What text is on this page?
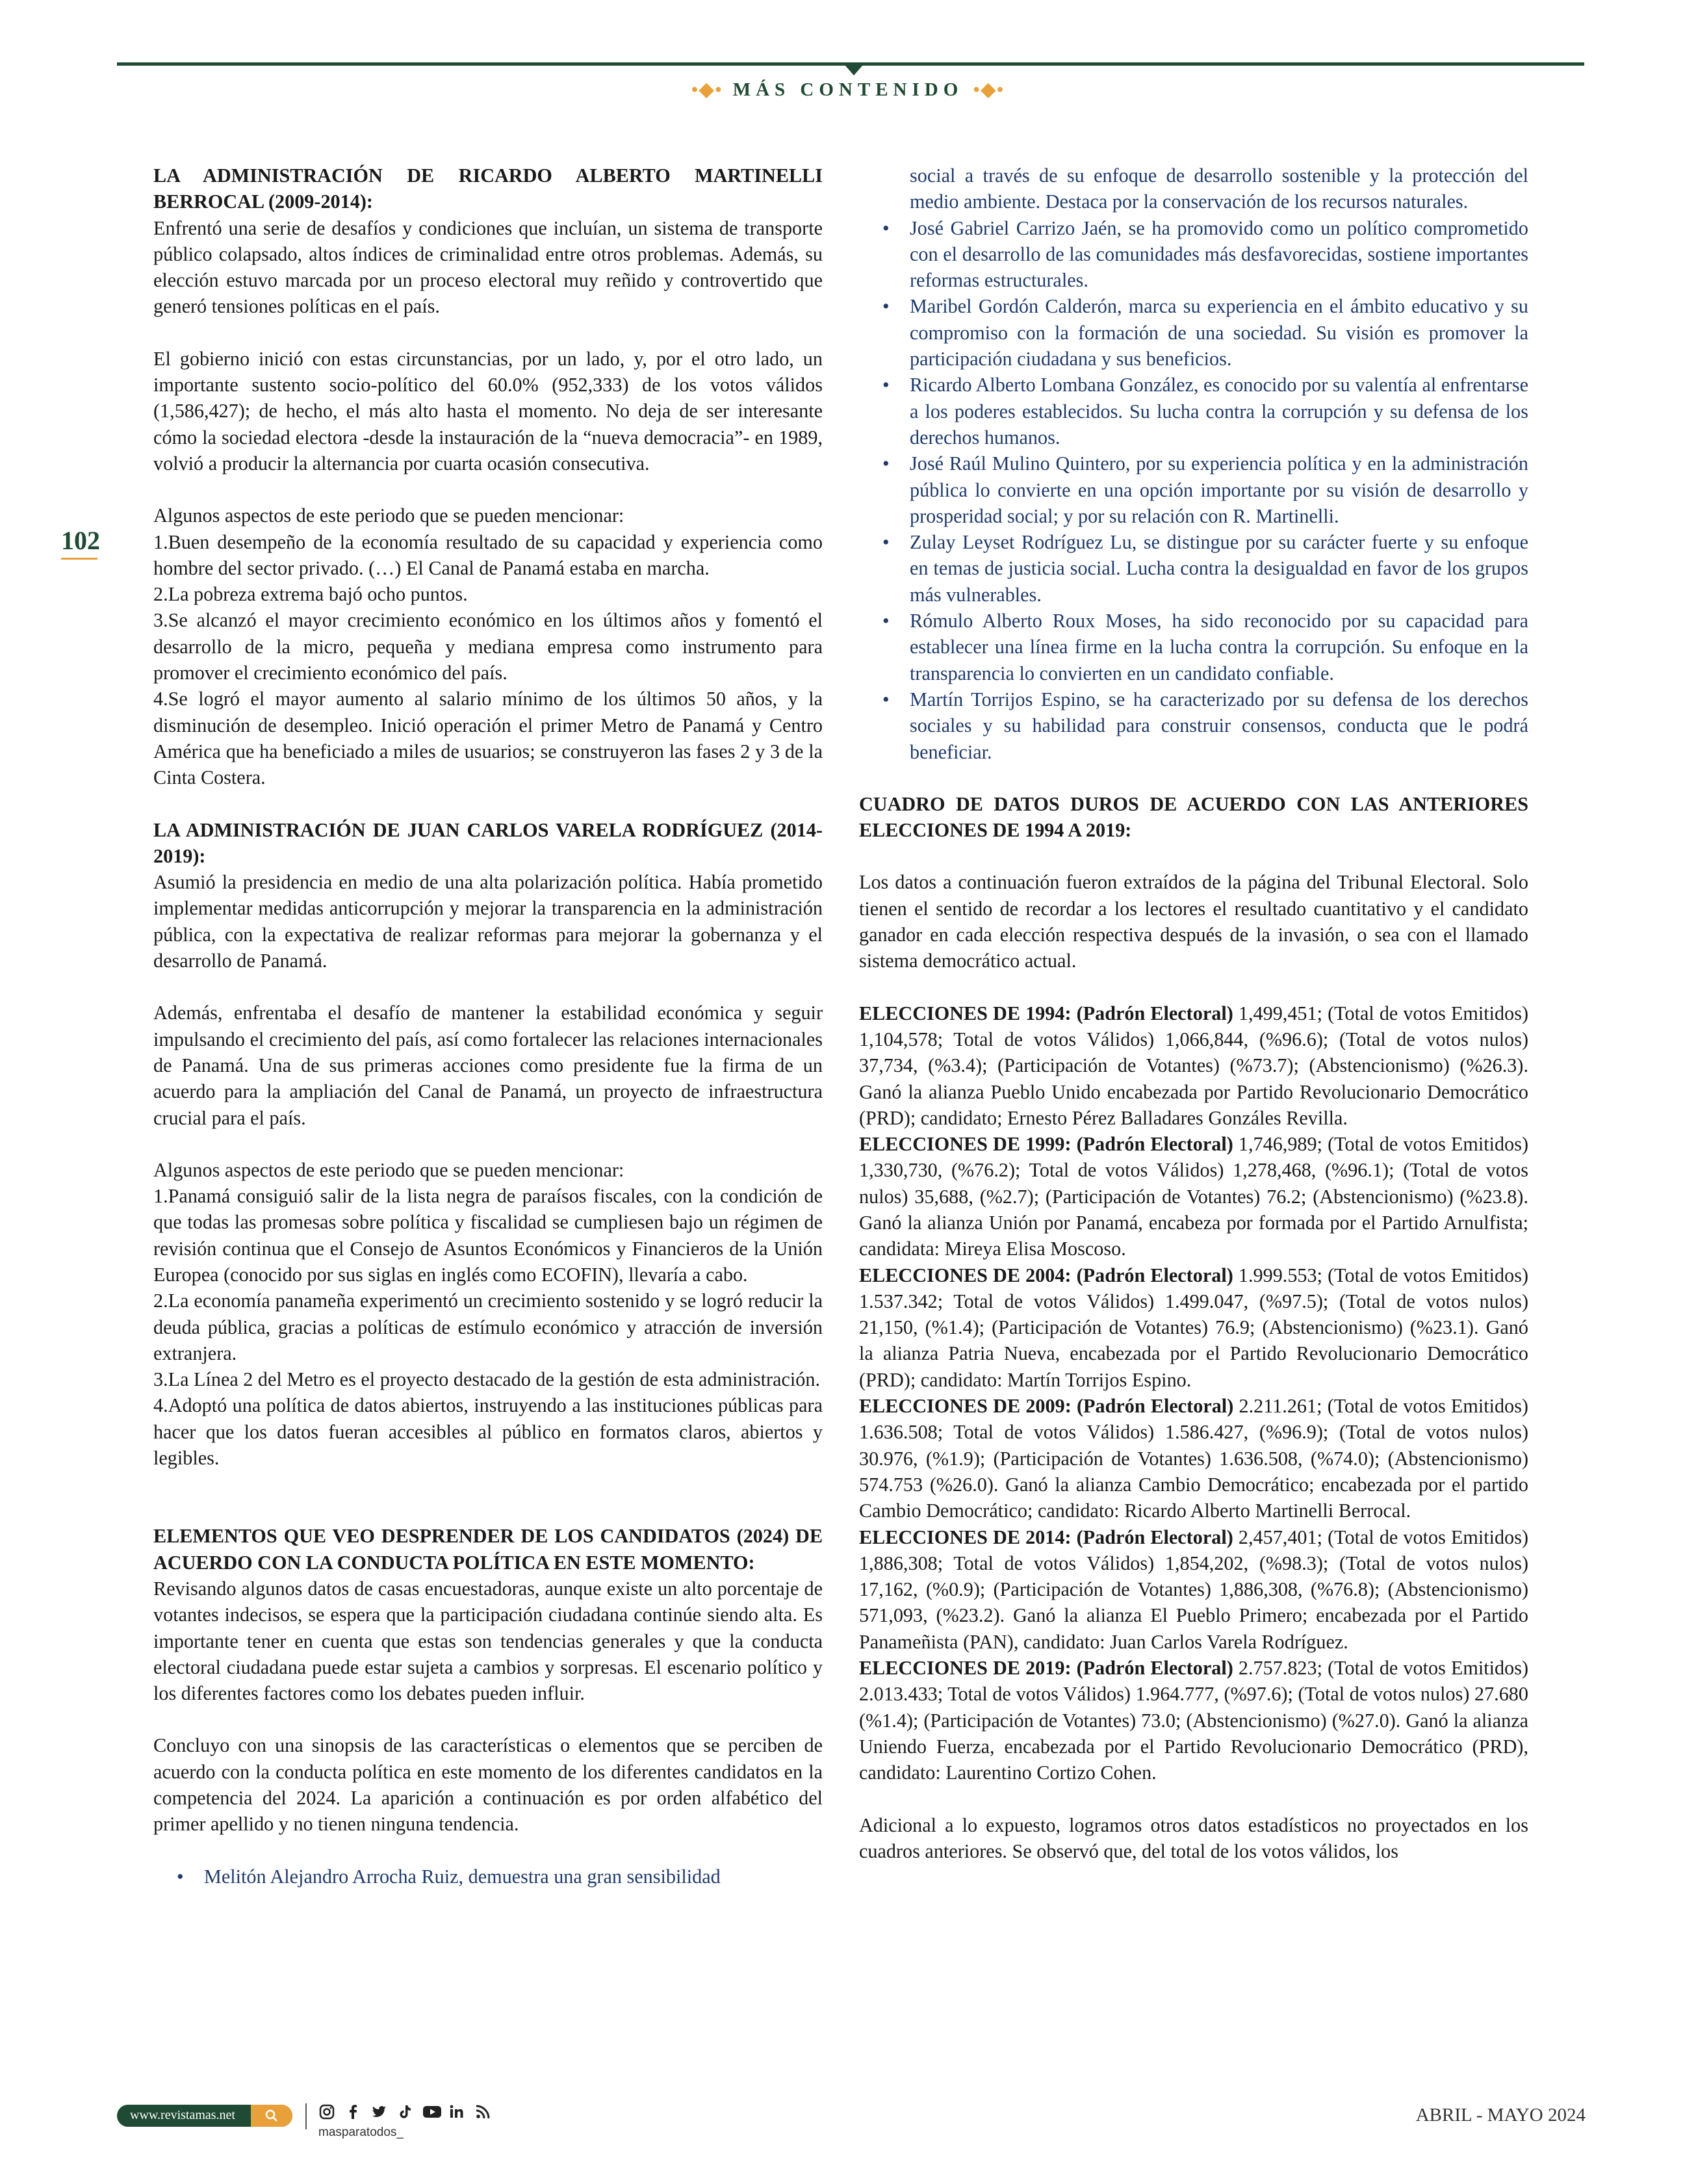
•◆• MÁS CONTENIDO •◆•
102
LA ADMINISTRACIÓN DE RICARDO ALBERTO MARTINELLI BERROCAL (2009-2014):

Enfrentó una serie de desafíos y condiciones que incluían, un sistema de transporte público colapsado, altos índices de criminalidad entre otros problemas. Además, su elección estuvo marcada por un proceso electoral muy reñido y controvertido que generó tensiones políticas en el país.

El gobierno inició con estas circunstancias, por un lado, y, por el otro lado, un importante sustento socio-político del 60.0% (952,333) de los votos válidos (1,586,427); de hecho, el más alto hasta el momento. No deja de ser interesante cómo la sociedad electora -desde la instauración de la “nueva democracia”- en 1989, volvió a producir la alternancia por cuarta ocasión consecutiva.

Algunos aspectos de este periodo que se pueden mencionar:

1.Buen desempeño de la economía resultado de su capacidad y experiencia como hombre del sector privado. (…) El Canal de Panamá estaba en marcha.

2.La pobreza extrema bajó ocho puntos.

3.Se alcanzó el mayor crecimiento económico en los últimos años y fomentó el desarrollo de la micro, pequeña y mediana empresa como instrumento para promover el crecimiento económico del país.

4.Se logró el mayor aumento al salario mínimo de los últimos 50 años, y la disminución de desempleo. Inició operación el primer Metro de Panamá y Centro América que ha beneficiado a miles de usuarios; se construyeron las fases 2 y 3 de la Cinta Costera.

LA ADMINISTRACIÓN DE JUAN CARLOS VARELA RODRÍGUEZ (2014-2019):

Asumió la presidencia en medio de una alta polarización política. Había prometido implementar medidas anticorrupción y mejorar la transparencia en la administración pública, con la expectativa de realizar reformas para mejorar la gobernanza y el desarrollo de Panamá.

Además, enfrentaba el desafío de mantener la estabilidad económica y seguir impulsando el crecimiento del país, así como fortalecer las relaciones internacionales de Panamá. Una de sus primeras acciones como presidente fue la firma de un acuerdo para la ampliación del Canal de Panamá, un proyecto de infraestructura crucial para el país.

Algunos aspectos de este periodo que se pueden mencionar:

1.Panamá consiguió salir de la lista negra de paraísos fiscales, con la condición de que todas las promesas sobre política y fiscalidad se cumpliesen bajo un régimen de revisión continua que el Consejo de Asuntos Económicos y Financieros de la Unión Europea (conocido por sus siglas en inglés como ECOFIN), llevaría a cabo.

2.La economía panameña experimentó un crecimiento sostenido y se logró reducir la deuda pública, gracias a políticas de estímulo económico y atracción de inversión extranjera.

3.La Línea 2 del Metro es el proyecto destacado de la gestión de esta administración.

4.Adoptó una política de datos abiertos, instruyendo a las instituciones públicas para hacer que los datos fueran accesibles al público en formatos claros, abiertos y legibles.

ELEMENTOS QUE VEO DESPRENDER DE LOS CANDIDATOS (2024) DE ACUERDO CON LA CONDUCTA POLÍTICA EN ESTE MOMENTO:

Revisando algunos datos de casas encuestadoras, aunque existe un alto porcentaje de votantes indecisos, se espera que la participación ciudadana continúe siendo alta. Es importante tener en cuenta que estas son tendencias generales y que la conducta electoral ciudadana puede estar sujeta a cambios y sorpresas. El escenario político y los diferentes factores como los debates pueden influir.

Concluyo con una sinopsis de las características o elementos que se perciben de acuerdo con la conducta política en este momento de los diferentes candidatos en la competencia del 2024. La aparición a continuación es por orden alfabético del primer apellido y no tienen ninguna tendencia.

• Melitón Alejandro Arrocha Ruiz, demuestra una gran sensibilidad
social a través de su enfoque de desarrollo sostenible y la protección del medio ambiente. Destaca por la conservación de los recursos naturales.
• José Gabriel Carrizo Jaén, se ha promovido como un político comprometido con el desarrollo de las comunidades más desfavorecidas, sostiene importantes reformas estructurales.
• Maribel Gordón Calderón, marca su experiencia en el ámbito educativo y su compromiso con la formación de una sociedad. Su visión es promover la participación ciudadana y sus beneficios.
• Ricardo Alberto Lombana González, es conocido por su valentía al enfrentarse a los poderes establecidos. Su lucha contra la corrupción y su defensa de los derechos humanos.
• José Raúl Mulino Quintero, por su experiencia política y en la administración pública lo convierte en una opción importante por su visión de desarrollo y prosperidad social; y por su relación con R. Martinelli.
• Zulay Leyset Rodríguez Lu, se distingue por su carácter fuerte y su enfoque en temas de justicia social. Lucha contra la desigualdad en favor de los grupos más vulnerables.
• Rómulo Alberto Roux Moses, ha sido reconocido por su capacidad para establecer una línea firme en la lucha contra la corrupción. Su enfoque en la transparencia lo convierten en un candidato confiable.
• Martín Torrijos Espino, se ha caracterizado por su defensa de los derechos sociales y su habilidad para construir consensos, conducta que le podrá beneficiar.
CUADRO DE DATOS DUROS DE ACUERDO CON LAS ANTERIORES ELECCIONES DE 1994 A 2019:

Los datos a continuación fueron extraídos de la página del Tribunal Electoral. Solo tienen el sentido de recordar a los lectores el resultado cuantitativo y el candidato ganador en cada elección respectiva después de la invasión, o sea con el llamado sistema democrático actual.

ELECCIONES DE 1994: (Padrón Electoral) 1,499,451; (Total de votos Emitidos) 1,104,578; Total de votos Válidos) 1,066,844, (%96.6); (Total de votos nulos) 37,734, (%3.4); (Participación de Votantes) (%73.7); (Abstencionismo) (%26.3). Ganó la alianza Pueblo Unido encabezada por Partido Revolucionario Democrático (PRD); candidato; Ernesto Pérez Balladares Gonzáles Revilla.

ELECCIONES DE 1999: (Padrón Electoral) 1,746,989; (Total de votos Emitidos) 1,330,730, (%76.2); Total de votos Válidos) 1,278,468, (%96.1); (Total de votos nulos) 35,688, (%2.7); (Participación de Votantes) 76.2; (Abstencionismo) (%23.8). Ganó la alianza Unión por Panamá, encabeza por formada por el Partido Arnulfista; candidata: Mireya Elisa Moscoso.

ELECCIONES DE 2004: (Padrón Electoral) 1.999.553; (Total de votos Emitidos) 1.537.342; Total de votos Válidos) 1.499.047, (%97.5); (Total de votos nulos) 21,150, (%1.4); (Participación de Votantes) 76.9; (Abstencionismo) (%23.1). Ganó la alianza Patria Nueva, encabezada por el Partido Revolucionario Democrático (PRD); candidato: Martín Torrijos Espino.

ELECCIONES DE 2009: (Padrón Electoral) 2.211.261; (Total de votos Emitidos) 1.636.508; Total de votos Válidos) 1.586.427, (%96.9); (Total de votos nulos) 30.976, (%1.9); (Participación de Votantes) 1.636.508, (%74.0); (Abstencionismo) 574.753 (%26.0). Ganó la alianza Cambio Democrático; encabezada por el partido Cambio Democrático; candidato: Ricardo Alberto Martinelli Berrocal.

ELECCIONES DE 2014: (Padrón Electoral) 2,457,401; (Total de votos Emitidos) 1,886,308; Total de votos Válidos) 1,854,202, (%98.3); (Total de votos nulos) 17,162, (%0.9); (Participación de Votantes) 1,886,308, (%76.8); (Abstencionismo) 571,093, (%23.2). Ganó la alianza El Pueblo Primero; encabezada por el Partido Panameñista (PAN), candidato: Juan Carlos Varela Rodríguez.

ELECCIONES DE 2019: (Padrón Electoral) 2.757.823; (Total de votos Emitidos) 2.013.433; Total de votos Válidos) 1.964.777, (%97.6); (Total de votos nulos) 27.680 (%1.4); (Participación de Votantes) 73.0; (Abstencionismo) (%27.0). Ganó la alianza Uniendo Fuerza, encabezada por el Partido Revolucionario Democrático (PRD), candidato: Laurentino Cortizo Cohen.

Adicional a lo expuesto, logramos otros datos estadísticos no proyectados en los cuadros anteriores. Se observó que, del total de los votos válidos, los

www.revistamas.net
masparatodos_
ABRIL - MAYO 2024
